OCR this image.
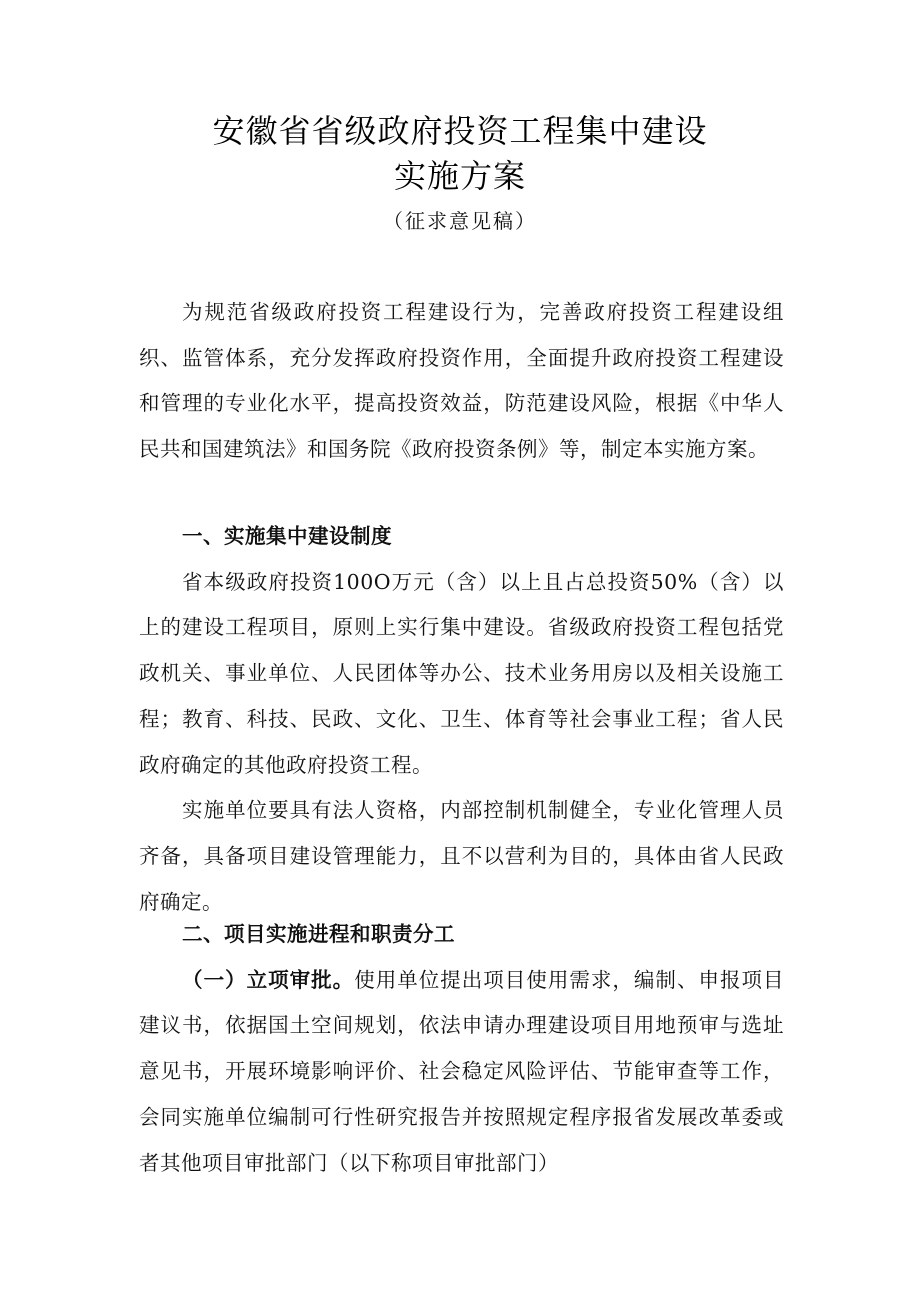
安徽省省级政府投资工程集中建设
实施方案
（征求意见稿）

为规范省级政府投资工程建设行为，完善政府投资工程建设组织、监管体系，充分发挥政府投资作用，全面提升政府投资工程建设和管理的专业化水平，提高投资效益，防范建设风险，根据《中华人民共和国建筑法》和国务院《政府投资条例》等，制定本实施方案。

一、实施集中建设制度

省本级政府投资100O万元（含）以上且占总投资50%（含）以上的建设工程项目，原则上实行集中建设。省级政府投资工程包括党政机关、事业单位、人民团体等办公、技术业务用房以及相关设施工程；教育、科技、民政、文化、卫生、体育等社会事业工程；省人民政府确定的其他政府投资工程。

实施单位要具有法人资格，内部控制机制健全，专业化管理人员齐备，具备项目建设管理能力，且不以营利为目的，具体由省人民政府确定。

二、项目实施进程和职责分工

（一）立项审批。使用单位提出项目使用需求，编制、申报项目建议书，依据国土空间规划，依法申请办理建设项目用地预审与选址意见书，开展环境影响评价、社会稳定风险评估、节能审查等工作，会同实施单位编制可行性研究报告并按照规定程序报省发展改革委或者其他项目审批部门（以下称项目审批部门）
